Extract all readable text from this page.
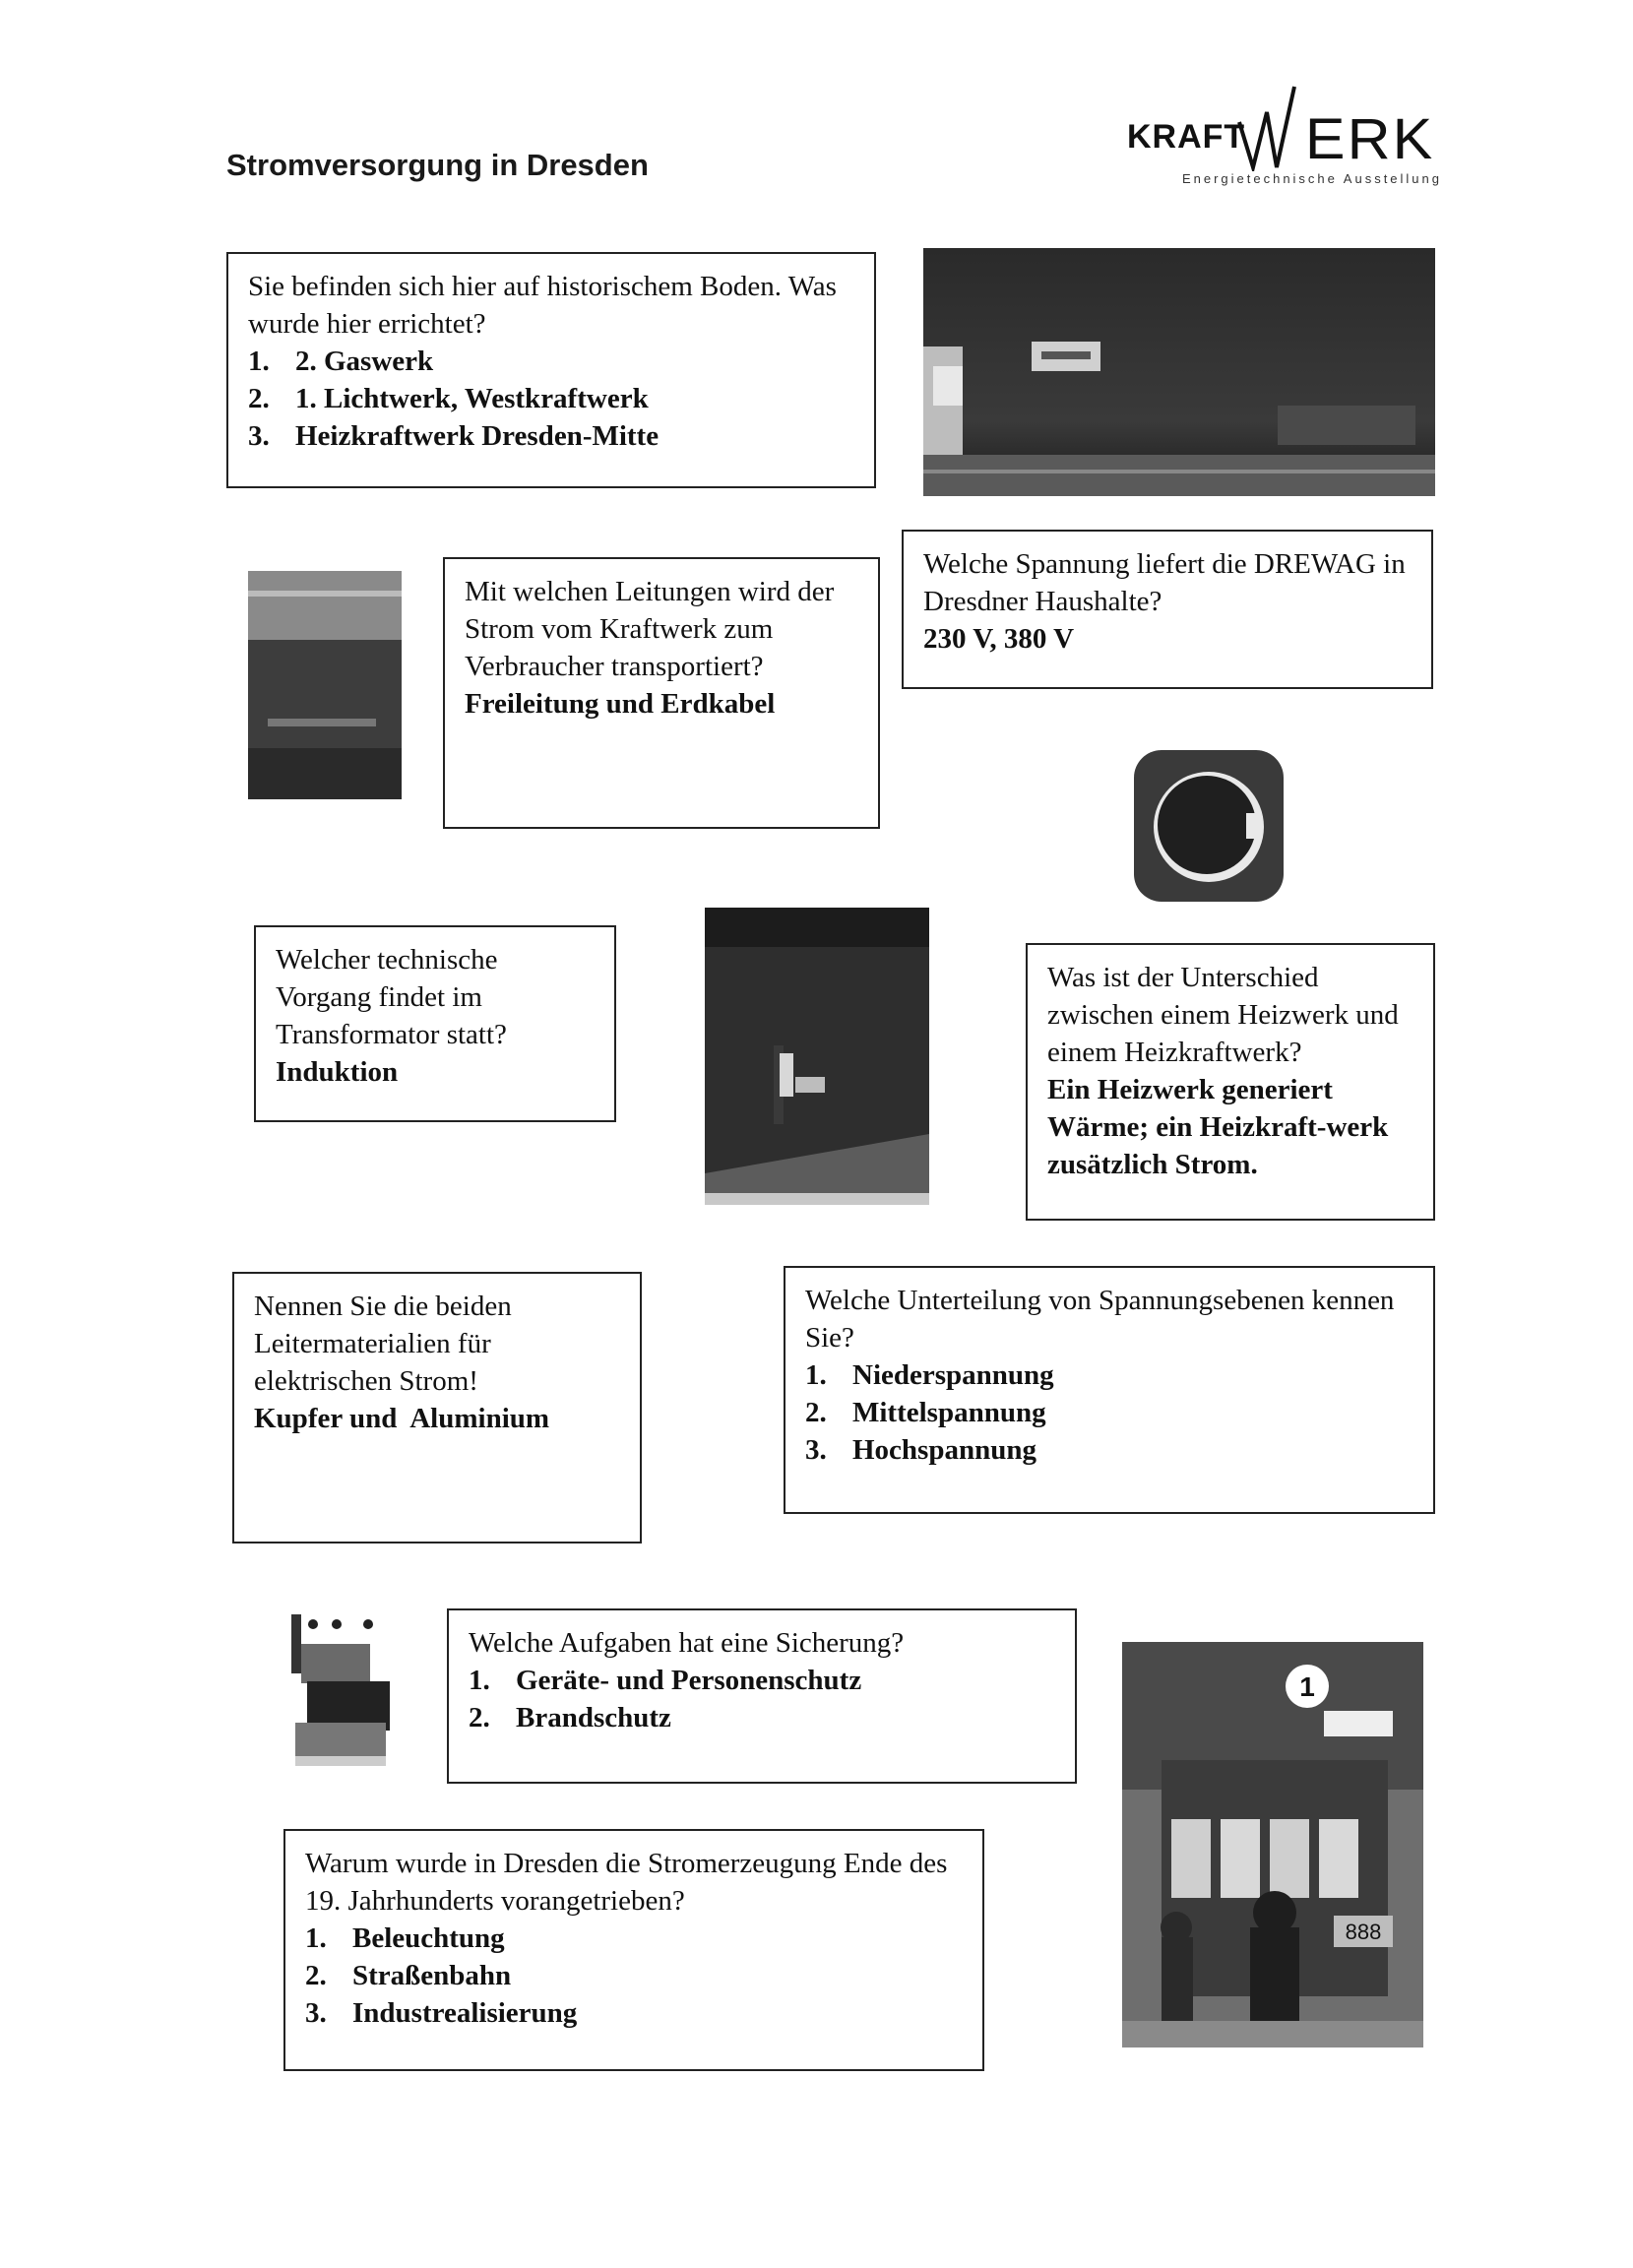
Stromversorgung in Dresden
KRAFT ERK
Energietechnische Ausstellung
1
888
Sie befinden sich hier auf historischem Boden. Was wurde hier errichtet?
1. 2. Gaswerk
2. 1. Lichtwerk, Westkraftwerk
3. Heizkraftwerk Dresden-Mitte
Mit welchen Leitungen wird der Strom vom Kraftwerk zum Verbraucher transportiert?
Freileitung und Erdkabel
Welche Spannung liefert die DREWAG in Dresdner Haushalte?
230 V, 380 V
Welcher technische Vorgang findet im Transformator statt?
Induktion
Was ist der Unterschied zwischen einem Heizwerk und einem Heizkraftwerk?
Ein Heizwerk generiert Wärme; ein Heizkraft-werk zusätzlich Strom.
Nennen Sie die beiden Leitermaterialien für elektrischen Strom!
Kupfer und  Aluminium
Welche Unterteilung von Spannungsebenen kennen Sie?
1. Niederspannung
2. Mittelspannung
3. Hochspannung
Welche Aufgaben hat eine Sicherung?
1. Geräte- und Personenschutz
2. Brandschutz
Warum wurde in Dresden die Stromerzeugung Ende des 19. Jahrhunderts vorangetrieben?
1. Beleuchtung
2. Straßenbahn
3. Industrealisierung
